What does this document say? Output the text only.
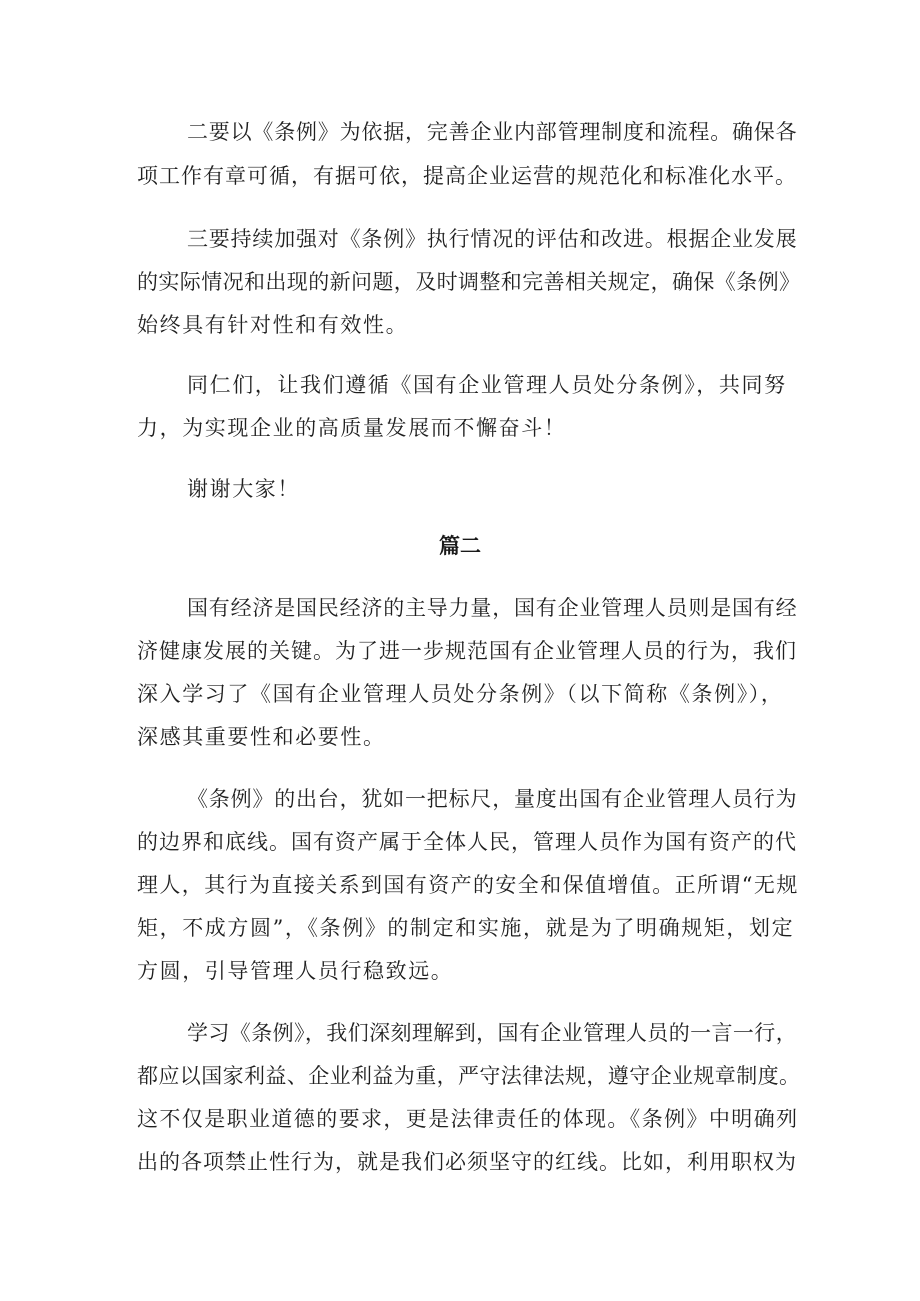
二要以《条例》为依据，完善企业内部管理制度和流程。确保各
项工作有章可循，有据可依，提高企业运营的规范化和标准化水平。
三要持续加强对《条例》执行情况的评估和改进。根据企业发展
的实际情况和出现的新问题，及时调整和完善相关规定，确保《条例》
始终具有针对性和有效性。
同仁们，让我们遵循《国有企业管理人员处分条例》，共同努
力，为实现企业的高质量发展而不懈奋斗！
谢谢大家！
篇二
国有经济是国民经济的主导力量，国有企业管理人员则是国有经
济健康发展的关键。为了进一步规范国有企业管理人员的行为，我们
深入学习了《国有企业管理人员处分条例》（以下简称《条例》），
深感其重要性和必要性。
《条例》的出台，犹如一把标尺，量度出国有企业管理人员行为
的边界和底线。国有资产属于全体人民，管理人员作为国有资产的代
理人，其行为直接关系到国有资产的安全和保值增值。正所谓“无规
矩，不成方圆”，《条例》的制定和实施，就是为了明确规矩，划定
方圆，引导管理人员行稳致远。
学习《条例》，我们深刻理解到，国有企业管理人员的一言一行，
都应以国家利益、企业利益为重，严守法律法规，遵守企业规章制度。
这不仅是职业道德的要求，更是法律责任的体现。《条例》中明确列
出的各项禁止性行为，就是我们必须坚守的红线。比如，利用职权为
